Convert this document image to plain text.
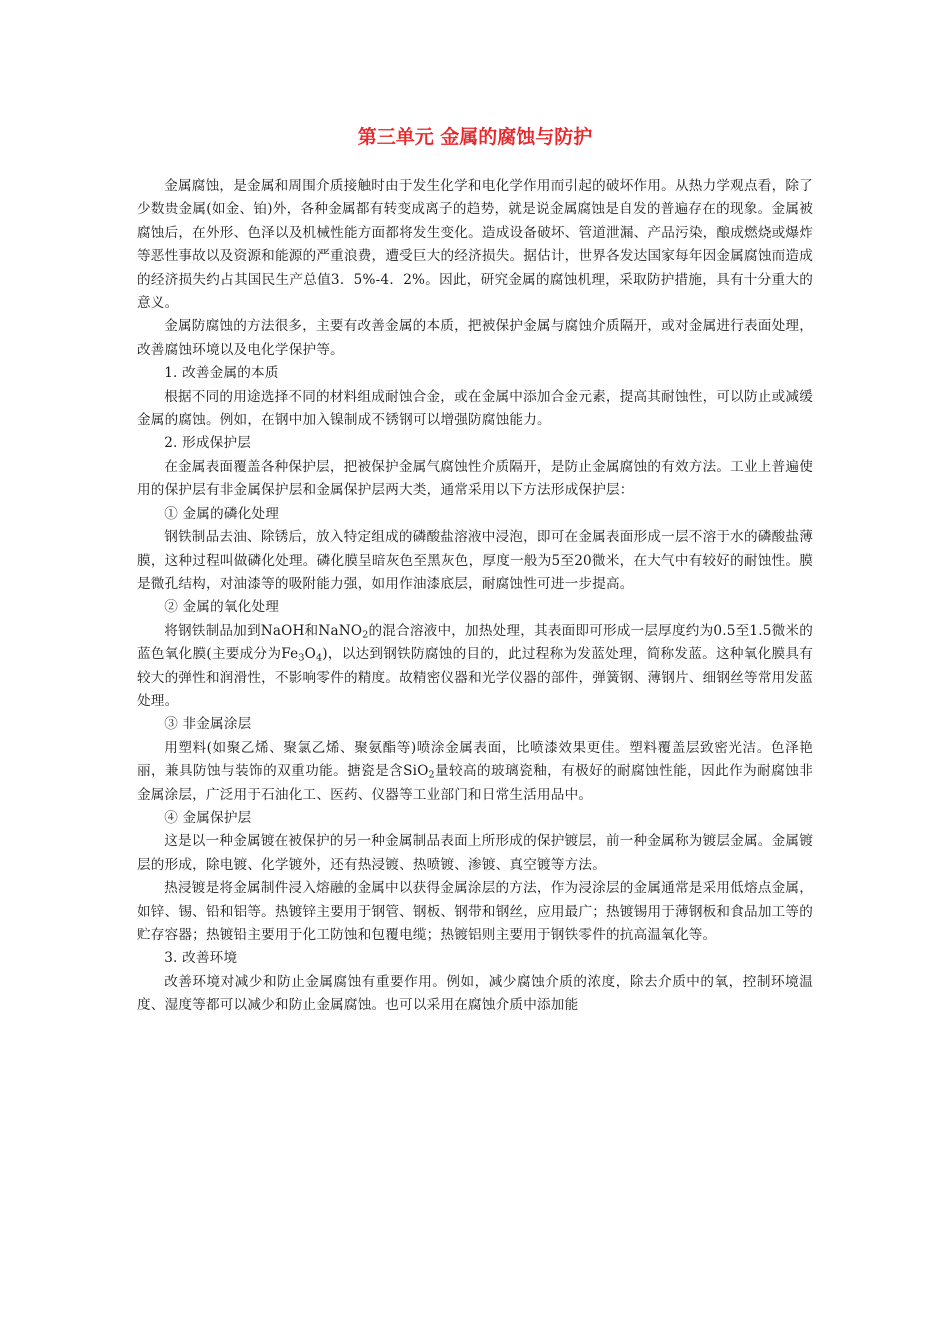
第三单元 金属的腐蚀与防护

金属腐蚀，是金属和周围介质接触时由于发生化学和电化学作用而引起的破坏作用。从热力学观点看，除了少数贵金属(如金、铂)外，各种金属都有转变成离子的趋势，就是说金属腐蚀是自发的普遍存在的现象。金属被腐蚀后，在外形、色泽以及机械性能方面都将发生变化。造成设备破坏、管道泄漏、产品污染，酿成燃烧或爆炸等恶性事故以及资源和能源的严重浪费，遭受巨大的经济损失。据估计，世界各发达国家每年因金属腐蚀而造成的经济损失约占其国民生产总值3．5%-4．2%。因此，研究金属的腐蚀机理，采取防护措施，具有十分重大的意义。

金属防腐蚀的方法很多，主要有改善金属的本质，把被保护金属与腐蚀介质隔开，或对金属进行表面处理，改善腐蚀环境以及电化学保护等。

1. 改善金属的本质

根据不同的用途选择不同的材料组成耐蚀合金，或在金属中添加合金元素，提高其耐蚀性，可以防止或减缓金属的腐蚀。例如，在钢中加入镍制成不锈钢可以增强防腐蚀能力。

2. 形成保护层

在金属表面覆盖各种保护层，把被保护金属气腐蚀性介质隔开，是防止金属腐蚀的有效方法。工业上普遍使用的保护层有非金属保护层和金属保护层两大类，通常采用以下方法形成保护层：

① 金属的磷化处理

钢铁制品去油、除锈后，放入特定组成的磷酸盐溶液中浸泡，即可在金属表面形成一层不溶于水的磷酸盐薄膜，这种过程叫做磷化处理。磷化膜呈暗灰色至黑灰色，厚度一般为5至20微米，在大气中有较好的耐蚀性。膜是微孔结构，对油漆等的吸附能力强，如用作油漆底层，耐腐蚀性可进一步提高。

② 金属的氧化处理

将钢铁制品加到NaOH和NaNO$_2$的混合溶液中，加热处理，其表面即可形成一层厚度约为0.5至1.5微米的蓝色氧化膜(主要成分为$Fe_3O_4$)，以达到钢铁防腐蚀的目的，此过程称为发蓝处理，简称发蓝。这种氧化膜具有较大的弹性和润滑性，不影响零件的精度。故精密仪器和光学仪器的部件，弹簧钢、薄钢片、细钢丝等常用发蓝处理。

③ 非金属涂层

用塑料(如聚乙烯、聚氯乙烯、聚氨酯等)喷涂金属表面，比喷漆效果更佳。塑料覆盖层致密光洁。色泽艳丽，兼具防蚀与装饰的双重功能。搪瓷是含SiO$_2$量较高的玻璃瓷釉，有极好的耐腐蚀性能，因此作为耐腐蚀非金属涂层，广泛用于石油化工、医药、仪器等工业部门和日常生活用品中。

④ 金属保护层

这是以一种金属镀在被保护的另一种金属制品表面上所形成的保护镀层，前一种金属称为镀层金属。金属镀层的形成，除电镀、化学镀外，还有热浸镀、热喷镀、渗镀、真空镀等方法。

热浸镀是将金属制件浸入熔融的金属中以获得金属涂层的方法，作为浸涂层的金属通常是采用低熔点金属，如锌、锡、铅和铝等。热镀锌主要用于钢管、钢板、钢带和钢丝，应用最广；热镀锡用于薄钢板和食品加工等的贮存容器；热镀铅主要用于化工防蚀和包覆电缆；热镀铝则主要用于钢铁零件的抗高温氧化等。

3. 改善环境

改善环境对减少和防止金属腐蚀有重要作用。例如，减少腐蚀介质的浓度，除去介质中的氧，控制环境温度、湿度等都可以减少和防止金属腐蚀。也可以采用在腐蚀介质中添加能
